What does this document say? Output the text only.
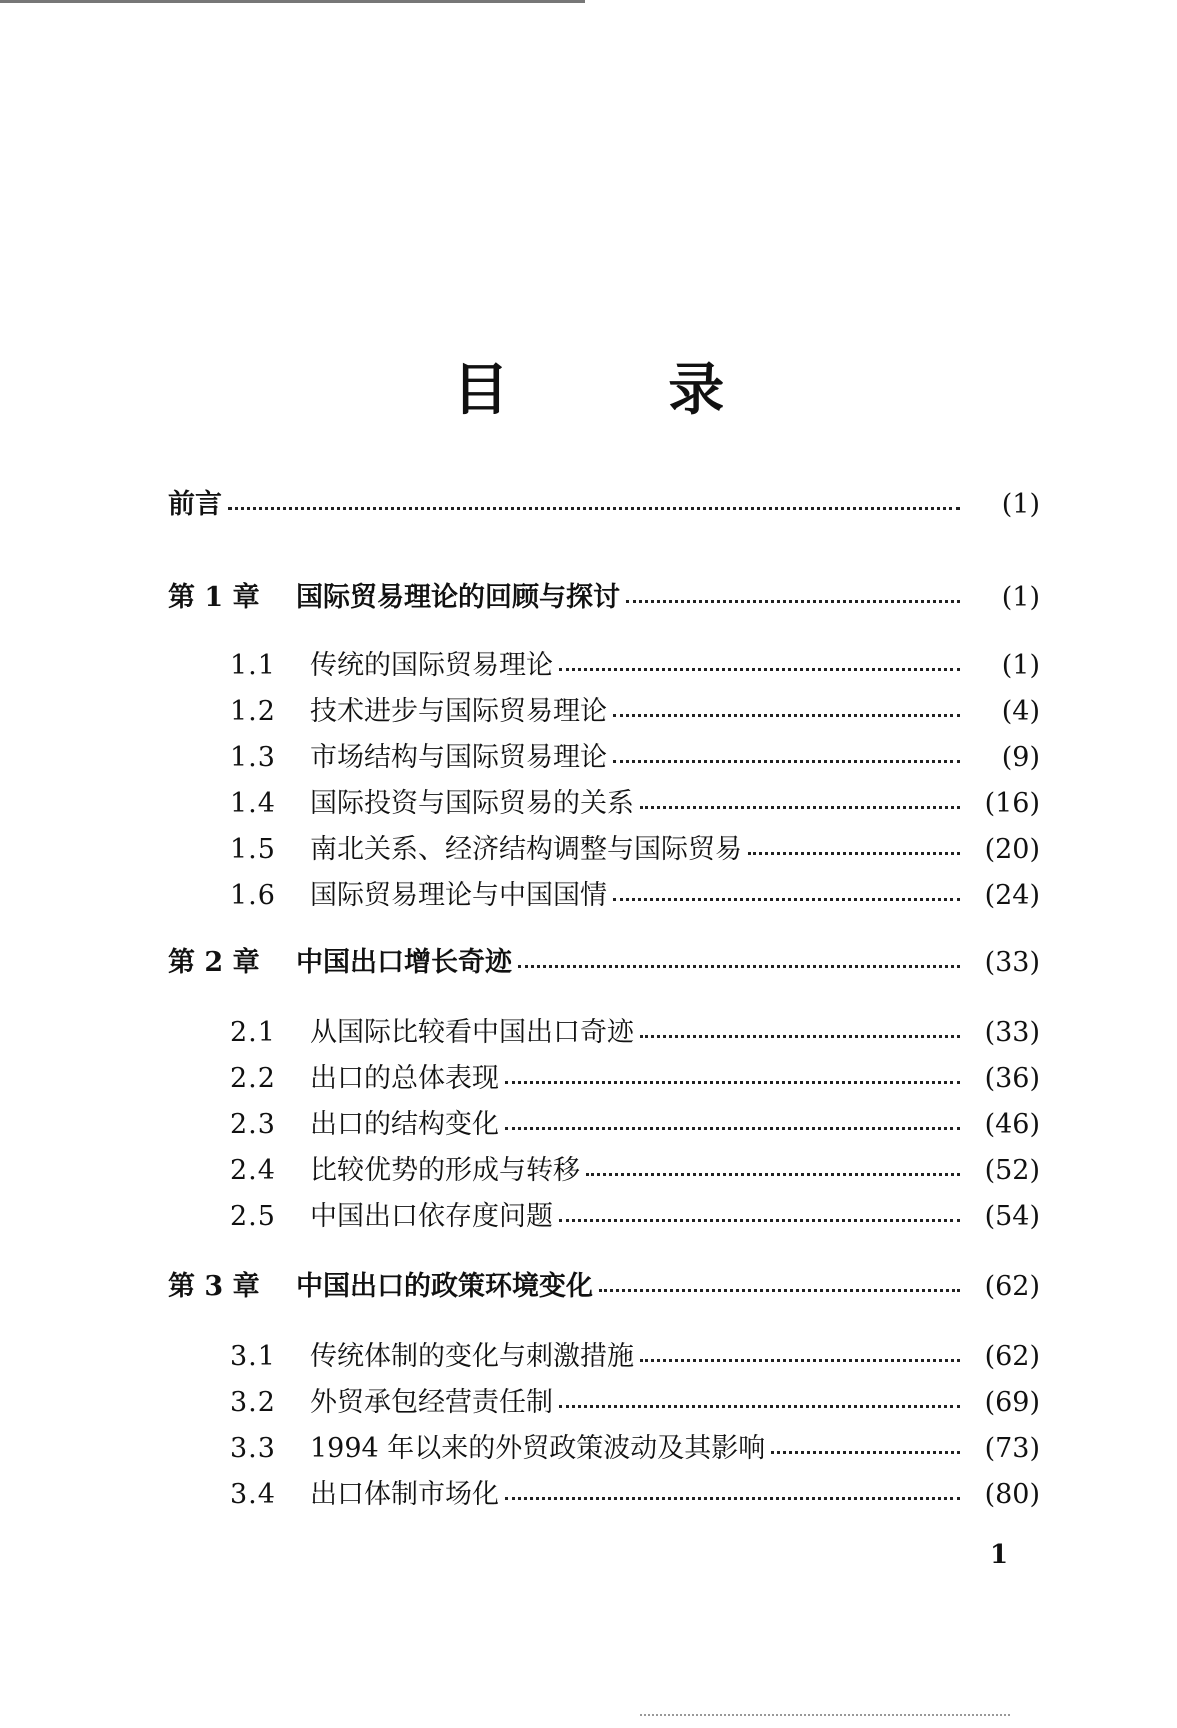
目 录
前言	(1)
第 1 章	国际贸易理论的回顾与探讨	(1)
1.1	传统的国际贸易理论	(1)
1.2	技术进步与国际贸易理论	(4)
1.3	市场结构与国际贸易理论	(9)
1.4	国际投资与国际贸易的关系	(16)
1.5	南北关系、经济结构调整与国际贸易	(20)
1.6	国际贸易理论与中国国情	(24)
第 2 章	中国出口增长奇迹	(33)
2.1	从国际比较看中国出口奇迹	(33)
2.2	出口的总体表现	(36)
2.3	出口的结构变化	(46)
2.4	比较优势的形成与转移	(52)
2.5	中国出口依存度问题	(54)
第 3 章	中国出口的政策环境变化	(62)
3.1	传统体制的变化与刺激措施	(62)
3.2	外贸承包经营责任制	(69)
3.3	1994 年以来的外贸政策波动及其影响	(73)
3.4	出口体制市场化	(80)
1
